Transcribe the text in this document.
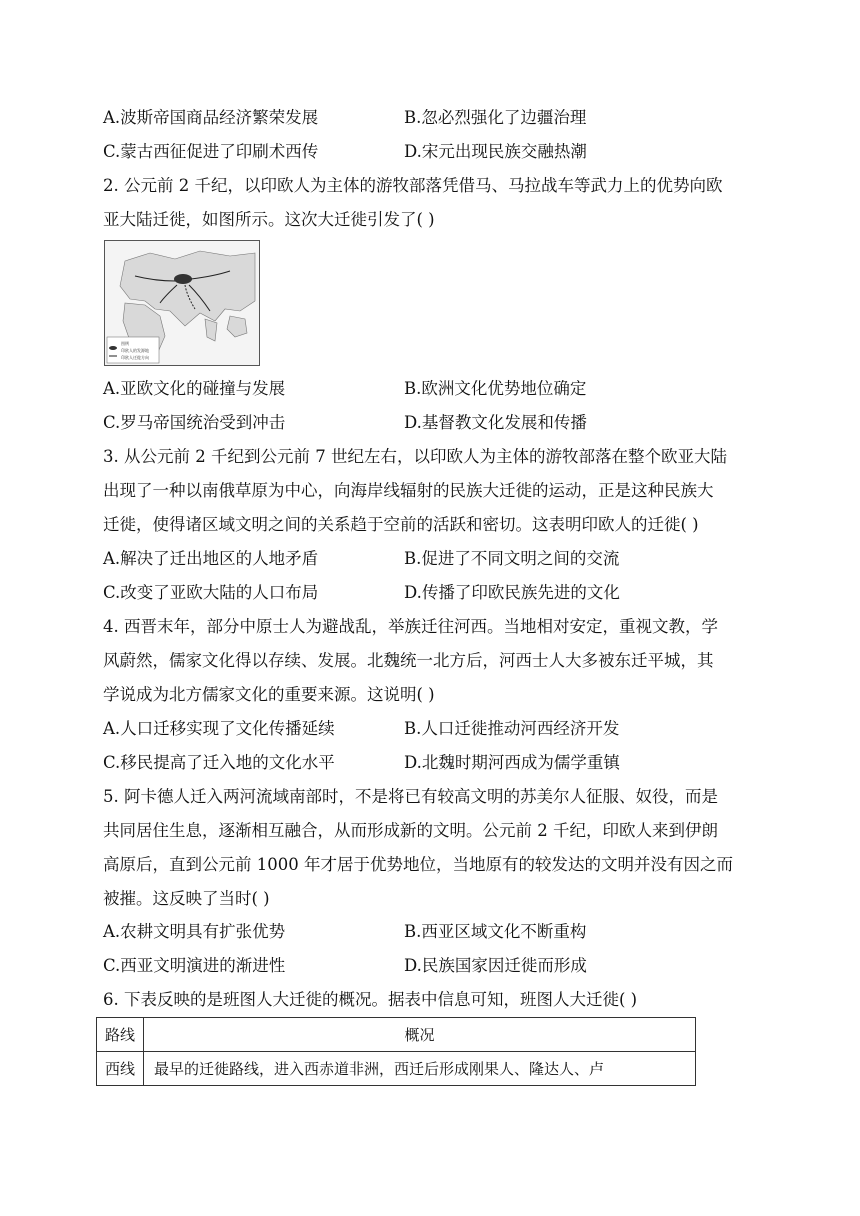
A.波斯帝国商品经济繁荣发展	B.忽必烈强化了边疆治理
C.蒙古西征促进了印刷术西传	D.宋元出现民族交融热潮
2. 公元前 2 千纪，以印欧人为主体的游牧部落凭借马、马拉战车等武力上的优势向欧
亚大陆迁徙，如图所示。这次大迁徙引发了( )
图例
印欧人的发源地
印欧人迁徙方向
A.亚欧文化的碰撞与发展	B.欧洲文化优势地位确定
C.罗马帝国统治受到冲击	D.基督教文化发展和传播
3. 从公元前 2 千纪到公元前 7 世纪左右，以印欧人为主体的游牧部落在整个欧亚大陆
出现了一种以南俄草原为中心，向海岸线辐射的民族大迁徙的运动，正是这种民族大
迁徙，使得诸区域文明之间的关系趋于空前的活跃和密切。这表明印欧人的迁徙( )
A.解决了迁出地区的人地矛盾	B.促进了不同文明之间的交流
C.改变了亚欧大陆的人口布局	D.传播了印欧民族先进的文化
4. 西晋末年，部分中原士人为避战乱，举族迁往河西。当地相对安定，重视文教，学
风蔚然，儒家文化得以存续、发展。北魏统一北方后，河西士人大多被东迁平城，其
学说成为北方儒家文化的重要来源。这说明( )
A.人口迁移实现了文化传播延续	B.人口迁徙推动河西经济开发
C.移民提高了迁入地的文化水平	D.北魏时期河西成为儒学重镇
5. 阿卡德人迁入两河流域南部时，不是将已有较高文明的苏美尔人征服、奴役，而是
共同居住生息，逐渐相互融合，从而形成新的文明。公元前 2 千纪，印欧人来到伊朗
高原后，直到公元前 1000 年才居于优势地位，当地原有的较发达的文明并没有因之而
被摧。这反映了当时( )
A.农耕文明具有扩张优势	B.西亚区域文化不断重构
C.西亚文明演进的渐进性	D.民族国家因迁徙而形成
6. 下表反映的是班图人大迁徙的概况。据表中信息可知，班图人大迁徙( )
路线	概况
西线	最早的迁徙路线，进入西赤道非洲，西迁后形成刚果人、隆达人、卢
